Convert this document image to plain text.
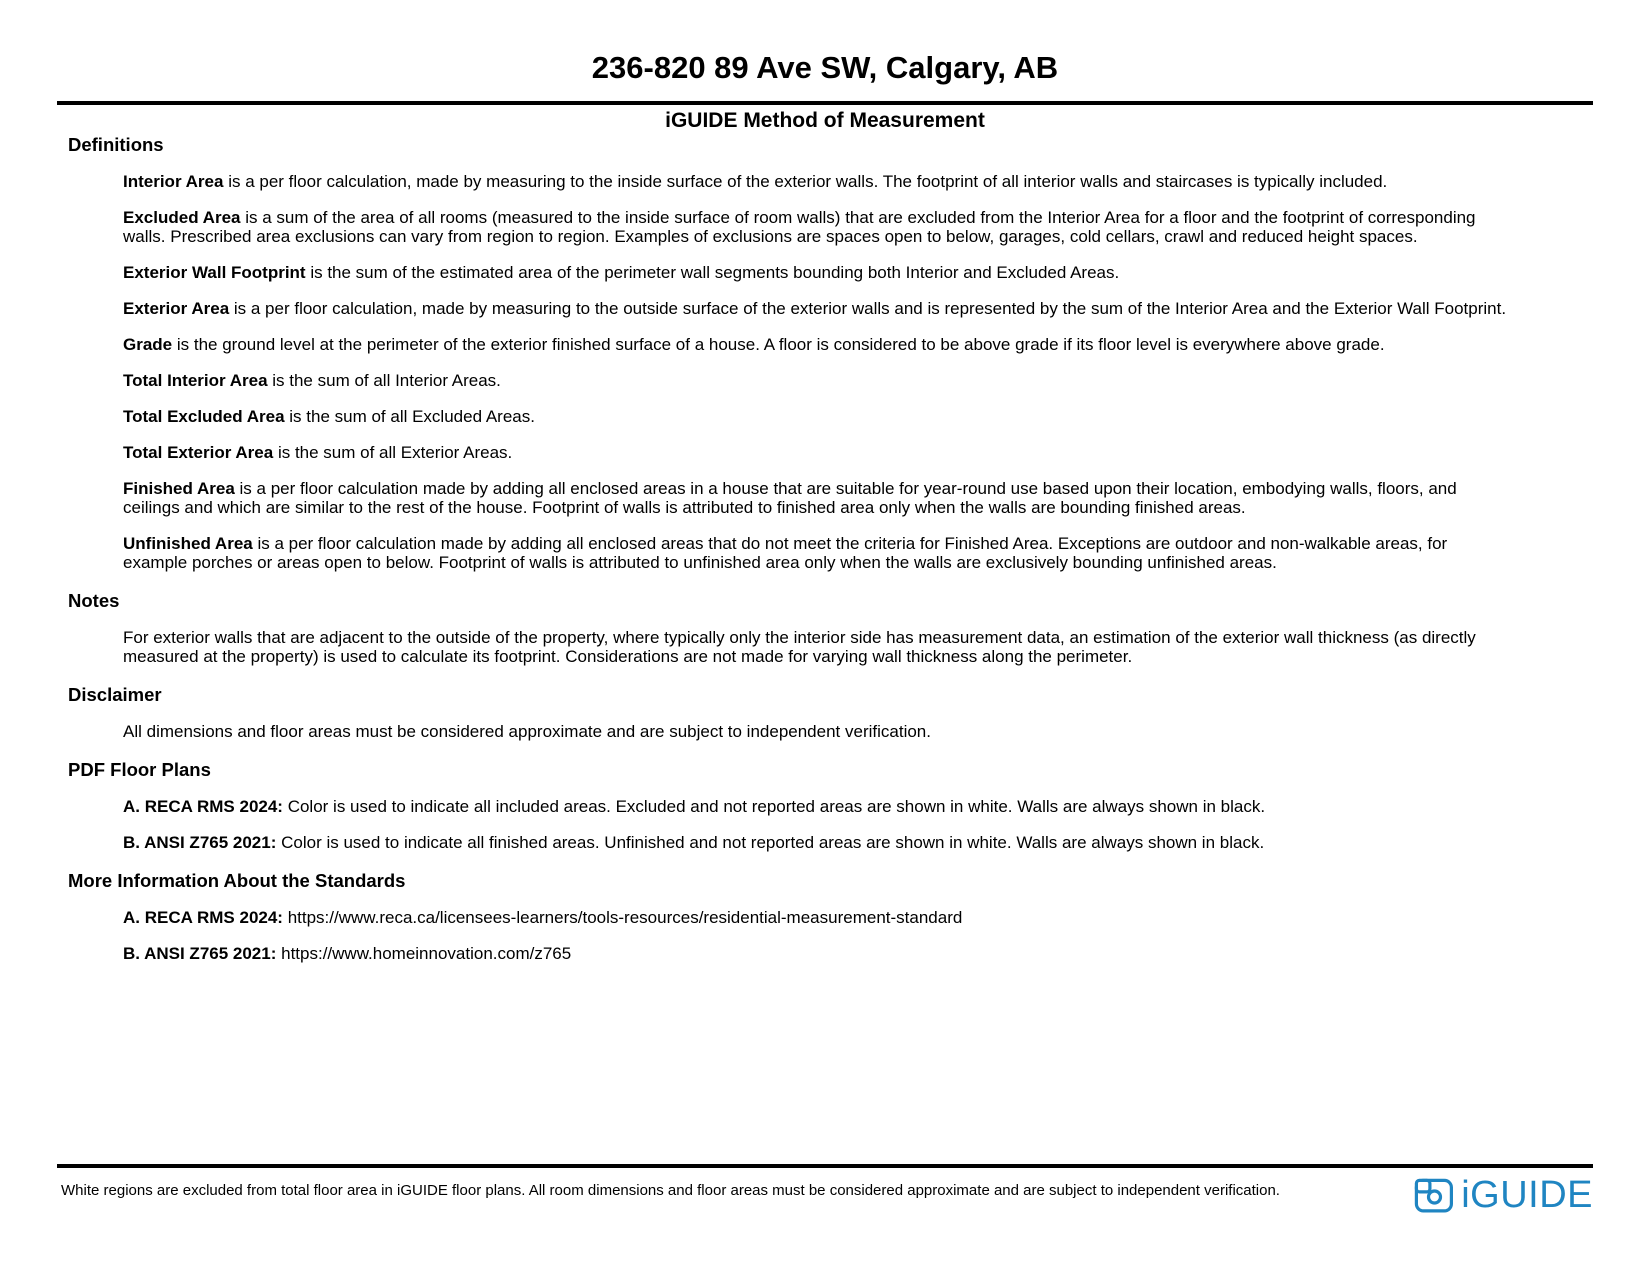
236-820 89 Ave SW, Calgary, AB
iGUIDE Method of Measurement
Definitions

Interior Area is a per floor calculation, made by measuring to the inside surface of the exterior walls. The footprint of all interior walls and staircases is typically included.

Excluded Area is a sum of the area of all rooms (measured to the inside surface of room walls) that are excluded from the Interior Area for a floor and the footprint of corresponding walls. Prescribed area exclusions can vary from region to region. Examples of exclusions are spaces open to below, garages, cold cellars, crawl and reduced height spaces.

Exterior Wall Footprint is the sum of the estimated area of the perimeter wall segments bounding both Interior and Excluded Areas.

Exterior Area is a per floor calculation, made by measuring to the outside surface of the exterior walls and is represented by the sum of the Interior Area and the Exterior Wall Footprint.

Grade is the ground level at the perimeter of the exterior finished surface of a house. A floor is considered to be above grade if its floor level is everywhere above grade.

Total Interior Area is the sum of all Interior Areas.

Total Excluded Area is the sum of all Excluded Areas.

Total Exterior Area is the sum of all Exterior Areas.

Finished Area is a per floor calculation made by adding all enclosed areas in a house that are suitable for year-round use based upon their location, embodying walls, floors, and ceilings and which are similar to the rest of the house. Footprint of walls is attributed to finished area only when the walls are bounding finished areas.

Unfinished Area is a per floor calculation made by adding all enclosed areas that do not meet the criteria for Finished Area. Exceptions are outdoor and non-walkable areas, for example porches or areas open to below. Footprint of walls is attributed to unfinished area only when the walls are exclusively bounding unfinished areas.

Notes

For exterior walls that are adjacent to the outside of the property, where typically only the interior side has measurement data, an estimation of the exterior wall thickness (as directly measured at the property) is used to calculate its footprint. Considerations are not made for varying wall thickness along the perimeter.

Disclaimer

All dimensions and floor areas must be considered approximate and are subject to independent verification.

PDF Floor Plans

A. RECA RMS 2024: Color is used to indicate all included areas. Excluded and not reported areas are shown in white. Walls are always shown in black.

B. ANSI Z765 2021: Color is used to indicate all finished areas. Unfinished and not reported areas are shown in white. Walls are always shown in black.

More Information About the Standards

A. RECA RMS 2024: https://www.reca.ca/licensees-learners/tools-resources/residential-measurement-standard

B. ANSI Z765 2021: https://www.homeinnovation.com/z765

White regions are excluded from total floor area in iGUIDE floor plans. All room dimensions and floor areas must be considered approximate and are subject to independent verification.	iGUIDE
